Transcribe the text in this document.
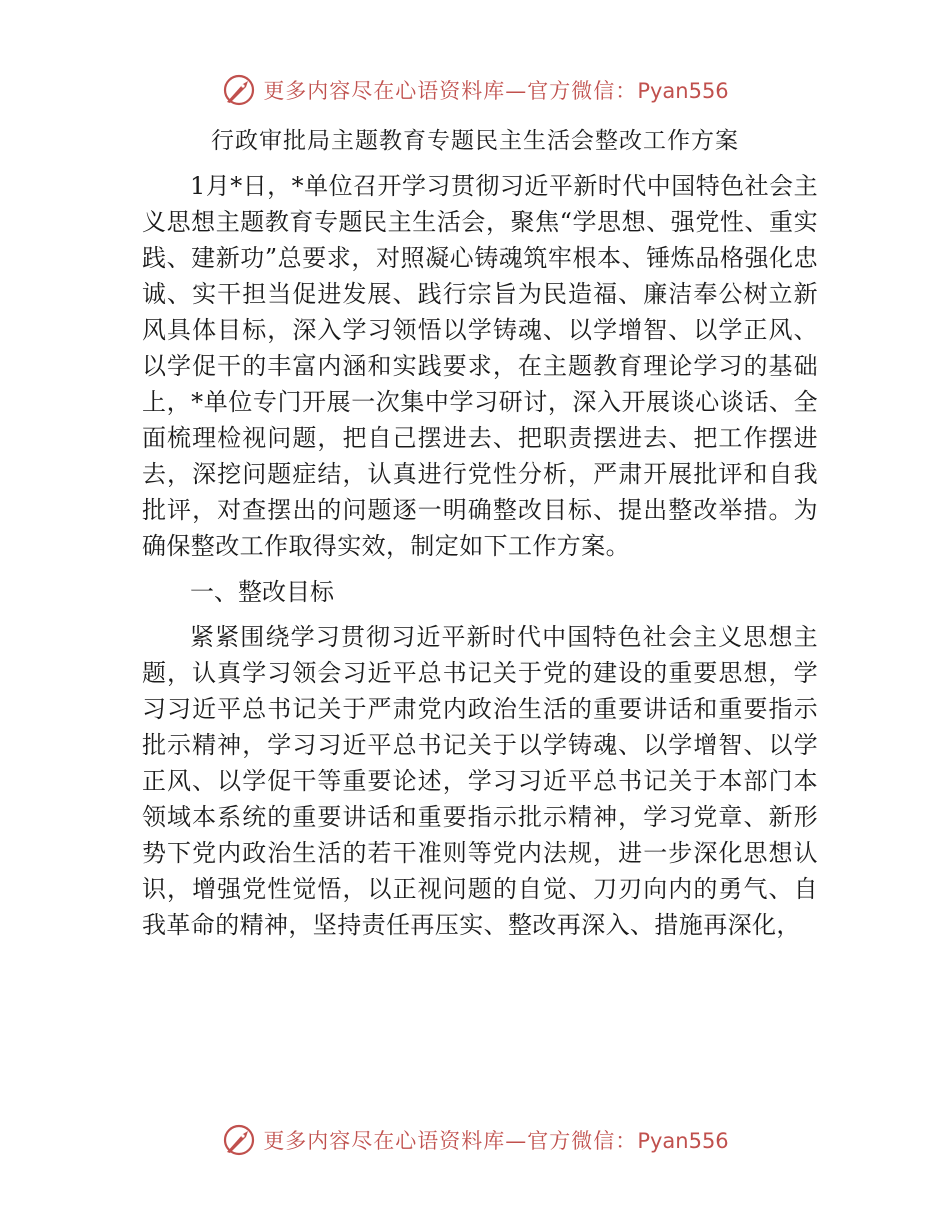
更多内容尽在心语资料库—官方微信：Pyan556
行政审批局主题教育专题民主生活会整改工作方案

1月*日，*单位召开学习贯彻习近平新时代中国特色社会主义思想主题教育专题民主生活会，聚焦“学思想、强党性、重实践、建新功”总要求，对照凝心铸魂筑牢根本、锤炼品格强化忠诚、实干担当促进发展、践行宗旨为民造福、廉洁奉公树立新风具体目标，深入学习领悟以学铸魂、以学增智、以学正风、以学促干的丰富内涵和实践要求，在主题教育理论学习的基础上，*单位专门开展一次集中学习研讨，深入开展谈心谈话、全面梳理检视问题，把自己摆进去、把职责摆进去、把工作摆进去，深挖问题症结，认真进行党性分析，严肃开展批评和自我批评，对查摆出的问题逐一明确整改目标、提出整改举措。为确保整改工作取得实效，制定如下工作方案。

一、整改目标

紧紧围绕学习贯彻习近平新时代中国特色社会主义思想主题，认真学习领会习近平总书记关于党的建设的重要思想，学习习近平总书记关于严肃党内政治生活的重要讲话和重要指示批示精神，学习习近平总书记关于以学铸魂、以学增智、以学正风、以学促干等重要论述，学习习近平总书记关于本部门本领域本系统的重要讲话和重要指示批示精神，学习党章、新形势下党内政治生活的若干准则等党内法规，进一步深化思想认识，增强党性觉悟，以正视问题的自觉、刀刃向内的勇气、自我革命的精神，坚持责任再压实、整改再深入、措施再深化，

更多内容尽在心语资料库—官方微信：Pyan556
